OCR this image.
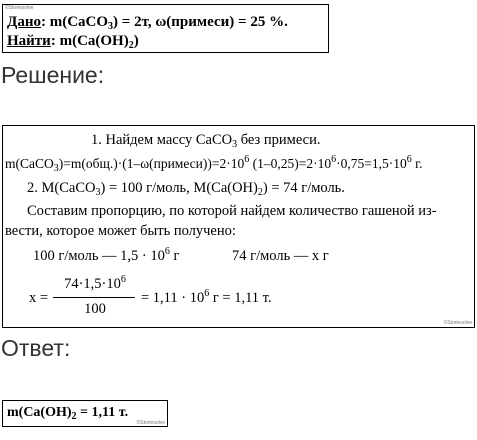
©Storiesolve
Дано: m(CaCO$_3$) = 2т, ω(примеси) = 25 %.
Найти: $m(Ca(OH)_2)$
Решение:
1. Найдем массу CaCO$_3$ без примеси.
$m(CaCO_3)=m(общ.)\cdot(1-\omega(примеси))=2\cdot 10^6$ $(1-0,25)=2\cdot 10^6\cdot 0,75=1,5\cdot 10^6$ г.
2. M(CaCO$_3$) = 100 г/моль, $M(Ca(OH)_2) = 74$ г/моль.
Составим пропорцию, по которой найдем количество гашеной из-
вести, которое может быть получено:
100 г/моль — $1,5 \cdot 10^6$ г	74 г/моль — x г
x =
$74\cdot 1,5\cdot 10^6$
100
= $1,11 \cdot 10^6$ г = 1,11 т.
©Storiesolve
Ответ:
$m(Ca(OH)_2 = 1,11$ т.
©Storiesolve
